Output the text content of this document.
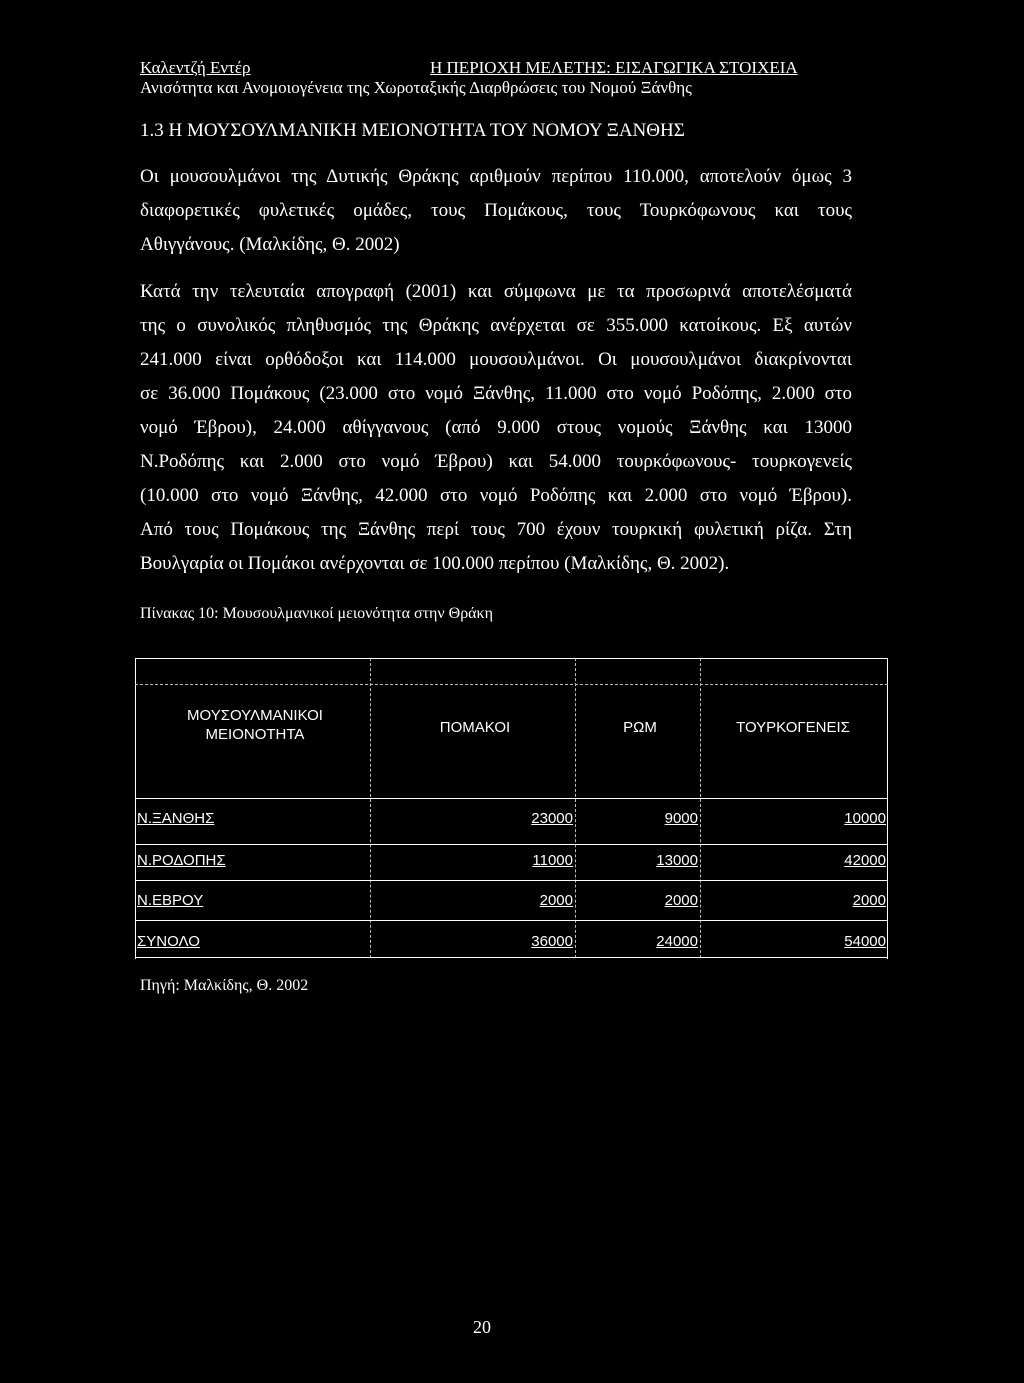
Καλεντζή Εντέρ	Η ΠΕΡΙΟΧΗ ΜΕΛΕΤΗΣ: ΕΙΣΑΓΩΓΙΚΑ ΣΤΟΙΧΕΙΑ
Ανισότητα και Ανομοιογένεια της Χωροταξικής Διαρθρώσεις του Νομού Ξάνθης
1.3 Η ΜΟΥΣΟΥΛΜΑΝΙΚΗ ΜΕΙΟΝΟΤΗΤΑ ΤΟΥ ΝΟΜΟΥ ΞΑΝΘΗΣ
Οι μουσουλμάνοι της Δυτικής Θράκης αριθμούν περίπου 110.000, αποτελούν όμως 3
διαφορετικές φυλετικές ομάδες, τους Πομάκους, τους Τουρκόφωνους και τους
Αθιγγάνους. (Μαλκίδης, Θ. 2002)
Κατά την τελευταία απογραφή (2001) και σύμφωνα με τα προσωρινά αποτελέσματά
της ο συνολικός πληθυσμός της Θράκης ανέρχεται σε 355.000 κατοίκους. Εξ αυτών
241.000 είναι ορθόδοξοι και 114.000 μουσουλμάνοι. Οι μουσουλμάνοι διακρίνονται
σε 36.000 Πομάκους (23.000 στο νομό Ξάνθης, 11.000 στο νομό Ροδόπης, 2.000 στο
νομό Έβρου), 24.000 αθίγγανους (από 9.000 στους νομούς Ξάνθης και 13000
Ν.Ροδόπης και 2.000 στο νομό Έβρου) και 54.000 τουρκόφωνους- τουρκογενείς
(10.000 στο νομό Ξάνθης, 42.000 στο νομό Ροδόπης και 2.000 στο νομό Έβρου).
Από τους Πομάκους της Ξάνθης περί τους 700 έχουν τουρκική φυλετική ρίζα. Στη
Βουλγαρία οι Πομάκοι ανέρχονται σε 100.000 περίπου (Μαλκίδης, Θ. 2002).
Πίνακας 10: Μουσουλμανικοί μειονότητα στην Θράκη
ΜΟΥΣΟΥΛΜΑΝΙΚΟΙ ΜΕΙΟΝΟΤΗΤΑ	ΠΟΜΑΚΟΙ	ΡΩΜ	ΤΟΥΡΚΟΓΕΝΕΙΣ
Ν.ΞΑΝΘΗΣ	23000	9000	10000
Ν.ΡΟΔΟΠΗΣ	11000	13000	42000
Ν.ΕΒΡΟΥ	2000	2000	2000
ΣΥΝΟΛΟ	36000	24000	54000
Πηγή: Μαλκίδης, Θ. 2002
20
